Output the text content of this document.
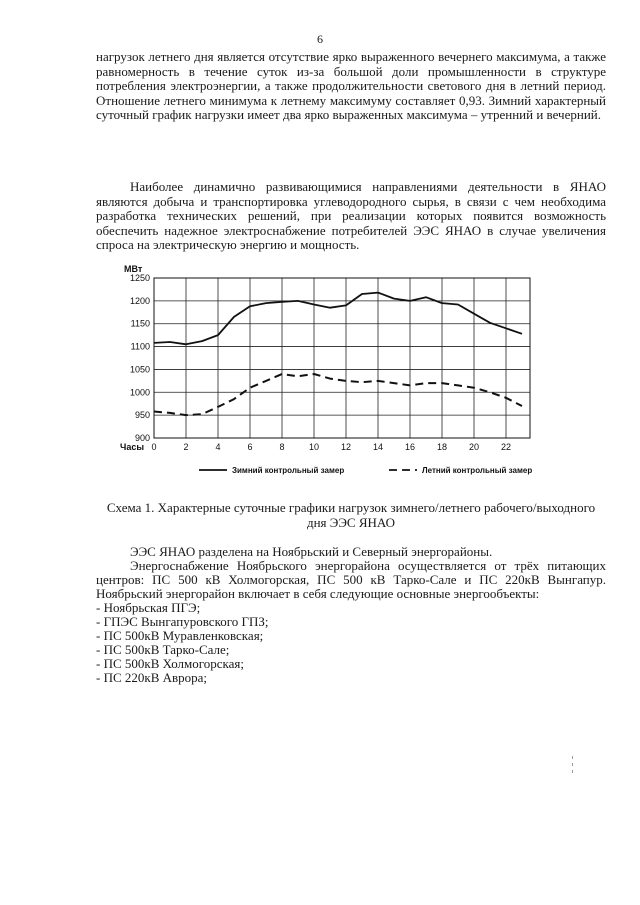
6

нагрузок летнего дня является отсутствие ярко выраженного вечернего максимума, а также равномерность в течение суток из-за большой доли промышленности в структуре потребления электроэнергии, а также продолжительности светового дня в летний период. Отношение летнего минимума к летнему максимуму составляет 0,93. Зимний характерный суточный график нагрузки имеет два ярко выраженных максимума – утренний и вечерний.

Наиболее динамично развивающимися направлениями деятельности в ЯНАО являются добыча и транспортировка углеводородного сырья, в связи с чем необходима разработка технических решений, при реализации которых появится возможность обеспечить надежное электроснабжение потребителей ЭЭС ЯНАО в случае увеличения спроса на электрическую энергию и мощность.

900
950
1000
1050
1100
1150
1200
1250
0	2	4	6	8	10 12 14 16 18 20 22
МВт
Часы
Зимний контрольный замер	Летний контрольный замер
Схема 1. Характерные суточные графики нагрузок зимнего/летнего рабочего/выходного дня ЭЭС ЯНАО

ЭЭС ЯНАО разделена на Ноябрьский и Северный энергорайоны.

Энергоснабжение Ноябрьского энергорайона осуществляется от трёх питающих центров: ПС 500 кВ Холмогорская, ПС 500 кВ Тарко-Сале и ПС 220кВ Вынгапур. Ноябрьский энергорайон включает в себя следующие основные энергообъекты:

- Ноябрьская ПГЭ;

- ГПЭС Вынгапуровского ГПЗ;

- ПС 500кВ Муравленковская;

- ПС 500кВ Тарко-Сале;

- ПС 500кВ Холмогорская;

- ПС 220кВ Аврора;
